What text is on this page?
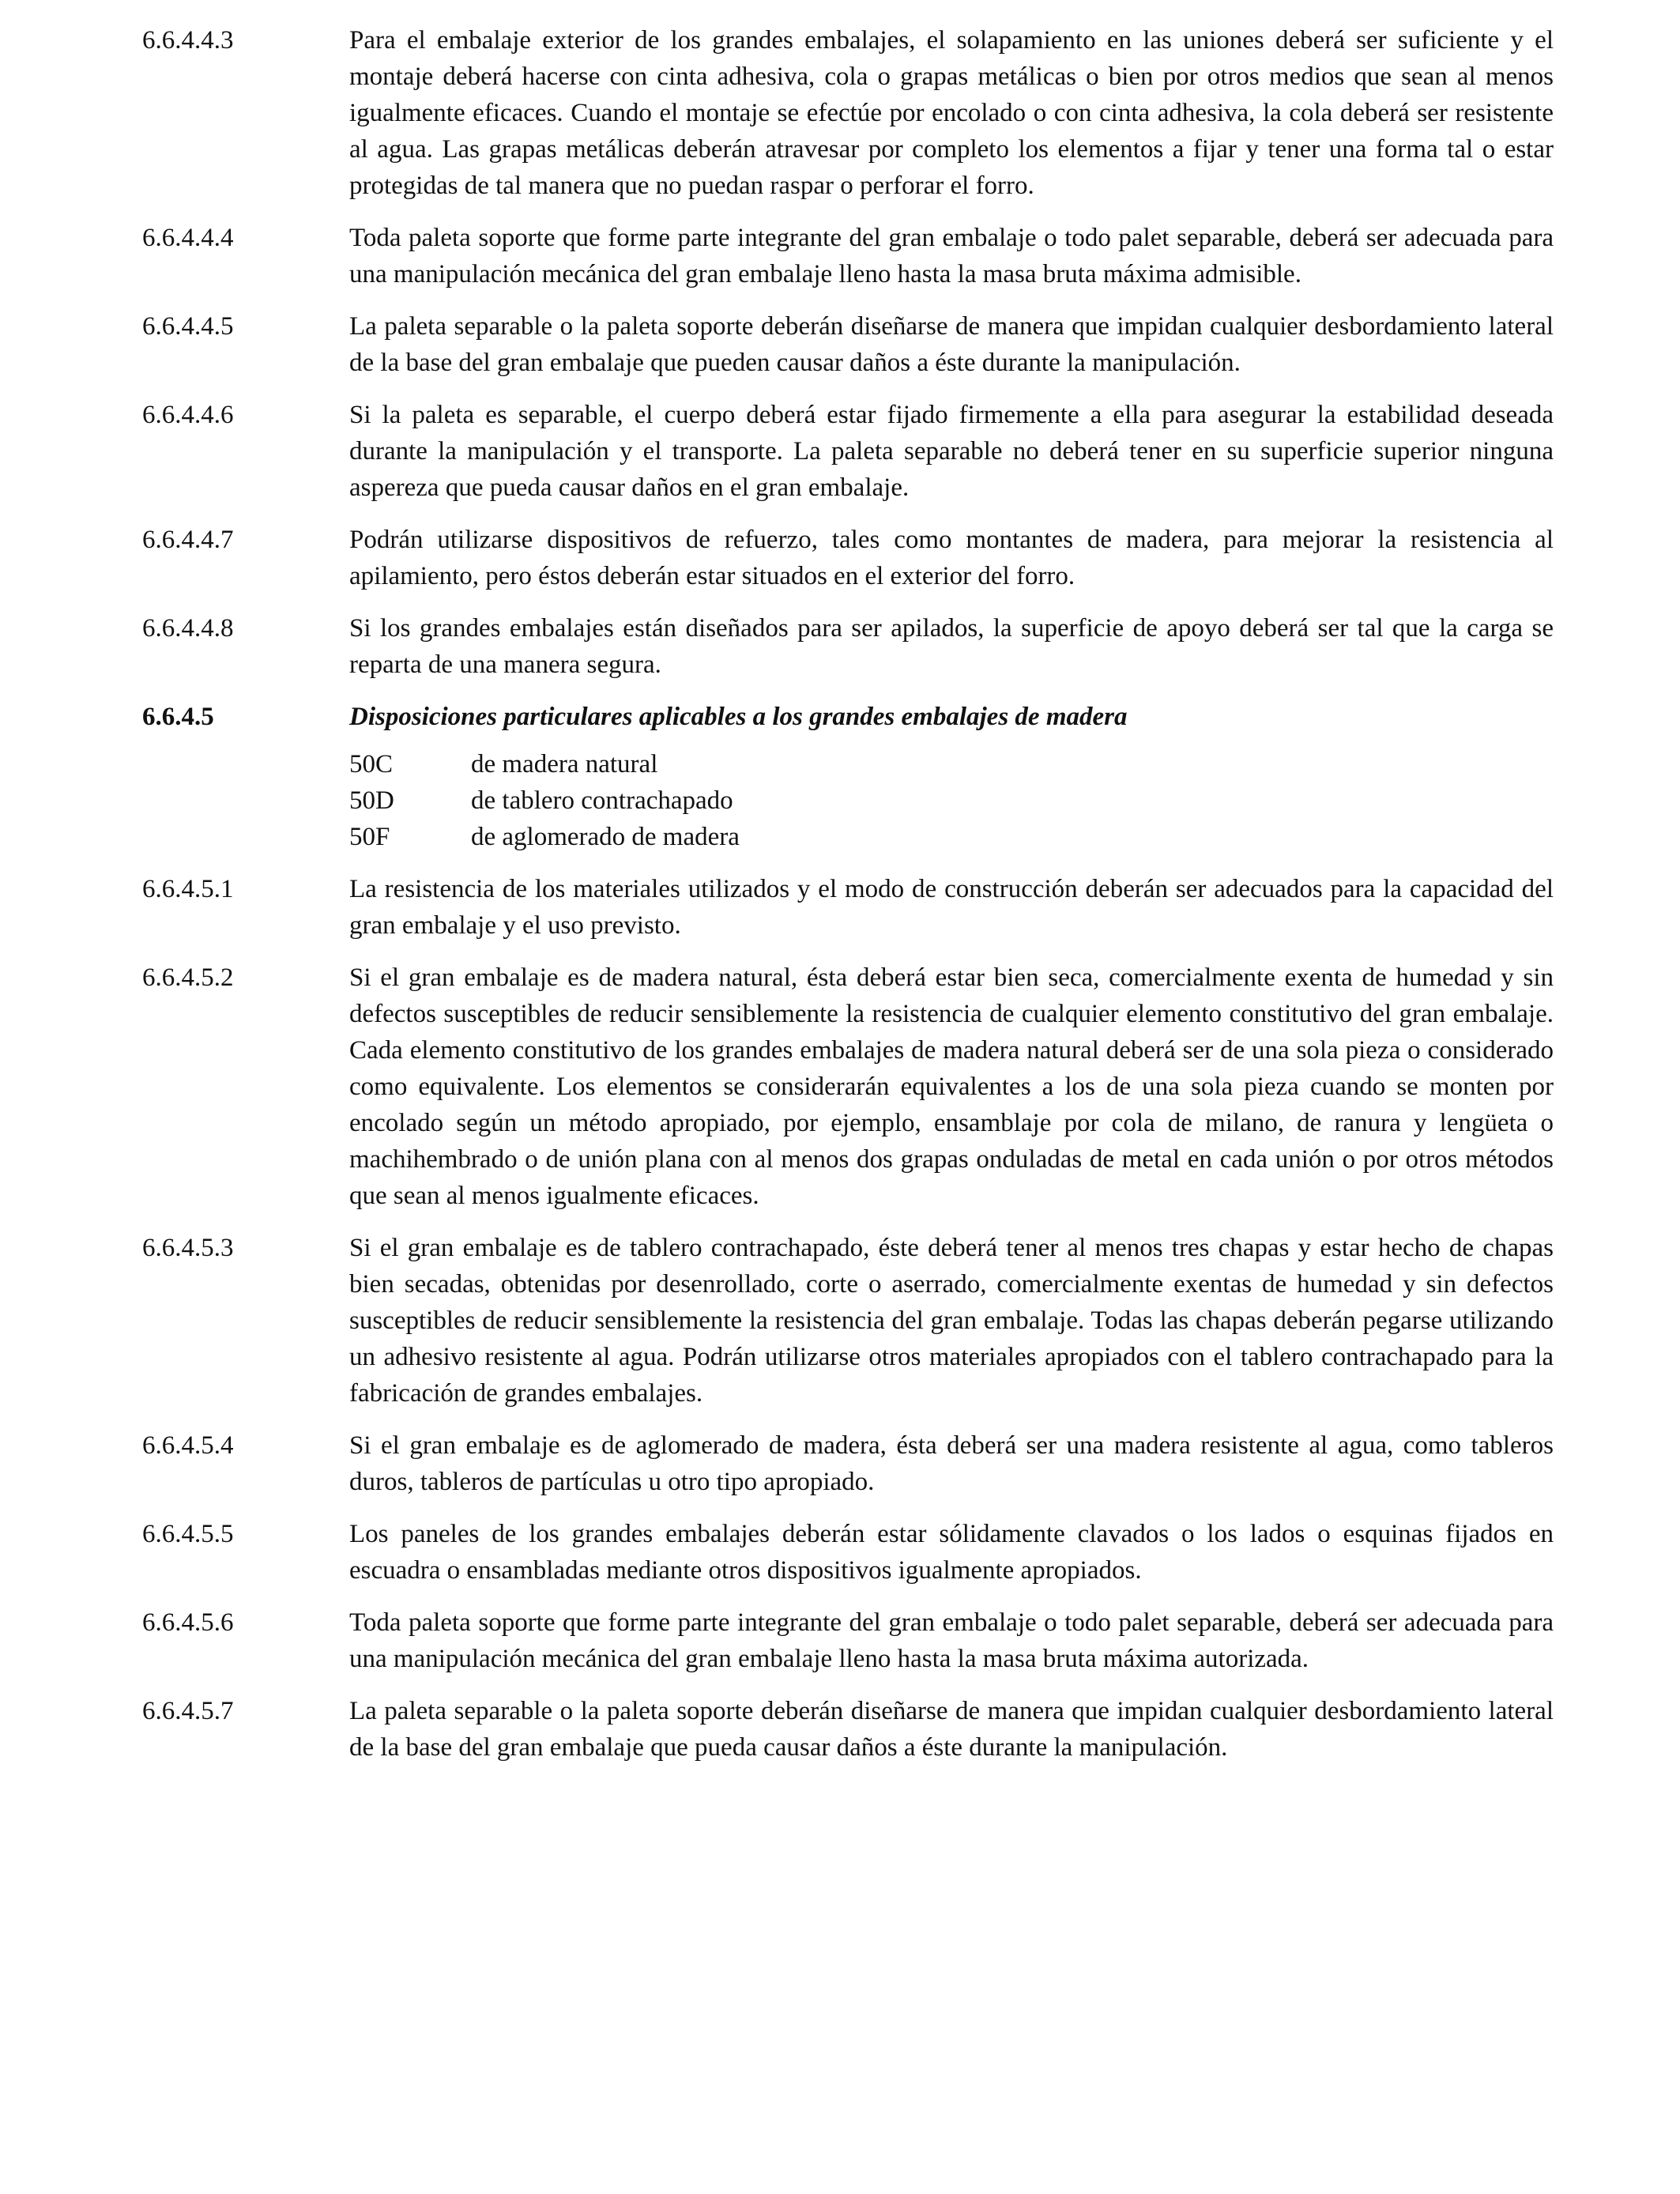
6.6.4.4.3	Para el embalaje exterior de los grandes embalajes, el solapamiento en las uniones deberá ser suficiente y el montaje deberá hacerse con cinta adhesiva, cola o grapas metálicas o bien por otros medios que sean al menos igualmente eficaces. Cuando el montaje se efectúe por encolado o con cinta adhesiva, la cola deberá ser resistente al agua. Las grapas metálicas deberán atravesar por completo los elementos a fijar y tener una forma tal o estar protegidas de tal manera que no puedan raspar o perforar el forro.
6.6.4.4.4	Toda paleta soporte que forme parte integrante del gran embalaje o todo palet separable, deberá ser adecuada para una manipulación mecánica del gran embalaje lleno hasta la masa bruta máxima admisible.
6.6.4.4.5	La paleta separable o la paleta soporte deberán diseñarse de manera que impidan cualquier desbordamiento lateral de la base del gran embalaje que pueden causar daños a éste durante la manipulación.
6.6.4.4.6	Si la paleta es separable, el cuerpo deberá estar fijado firmemente a ella para asegurar la estabilidad deseada durante la manipulación y el transporte. La paleta separable no deberá tener en su superficie superior ninguna aspereza que pueda causar daños en el gran embalaje.
6.6.4.4.7	Podrán utilizarse dispositivos de refuerzo, tales como montantes de madera, para mejorar la resistencia al apilamiento, pero éstos deberán estar situados en el exterior del forro.
6.6.4.4.8	Si los grandes embalajes están diseñados para ser apilados, la superficie de apoyo deberá ser tal que la carga se reparta de una manera segura.
6.6.4.5	Disposiciones particulares aplicables a los grandes embalajes de madera
50C	de madera natural
50D	de tablero contrachapado
50F	de aglomerado de madera
6.6.4.5.1	La resistencia de los materiales utilizados y el modo de construcción deberán ser adecuados para la capacidad del gran embalaje y el uso previsto.
6.6.4.5.2	Si el gran embalaje es de madera natural, ésta deberá estar bien seca, comercialmente exenta de humedad y sin defectos susceptibles de reducir sensiblemente la resistencia de cualquier elemento constitutivo del gran embalaje. Cada elemento constitutivo de los grandes embalajes de madera natural deberá ser de una sola pieza o considerado como equivalente. Los elementos se considerarán equivalentes a los de una sola pieza cuando se monten por encolado según un método apropiado, por ejemplo, ensamblaje por cola de milano, de ranura y lengüeta o machihembrado o de unión plana con al menos dos grapas onduladas de metal en cada unión o por otros métodos que sean al menos igualmente eficaces.
6.6.4.5.3	Si el gran embalaje es de tablero contrachapado, éste deberá tener al menos tres chapas y estar hecho de chapas bien secadas, obtenidas por desenrollado, corte o aserrado, comercialmente exentas de humedad y sin defectos susceptibles de reducir sensiblemente la resistencia del gran embalaje. Todas las chapas deberán pegarse utilizando un adhesivo resistente al agua. Podrán utilizarse otros materiales apropiados con el tablero contrachapado para la fabricación de grandes embalajes.
6.6.4.5.4	Si el gran embalaje es de aglomerado de madera, ésta deberá ser una madera resistente al agua, como tableros duros, tableros de partículas u otro tipo apropiado.
6.6.4.5.5	Los paneles de los grandes embalajes deberán estar sólidamente clavados o los lados o esquinas fijados en escuadra o ensambladas mediante otros dispositivos igualmente apropiados.
6.6.4.5.6	Toda paleta soporte que forme parte integrante del gran embalaje o todo palet separable, deberá ser adecuada para una manipulación mecánica del gran embalaje lleno hasta la masa bruta máxima autorizada.
6.6.4.5.7	La paleta separable o la paleta soporte deberán diseñarse de manera que impidan cualquier desbordamiento lateral de la base del gran embalaje que pueda causar daños a éste durante la manipulación.
